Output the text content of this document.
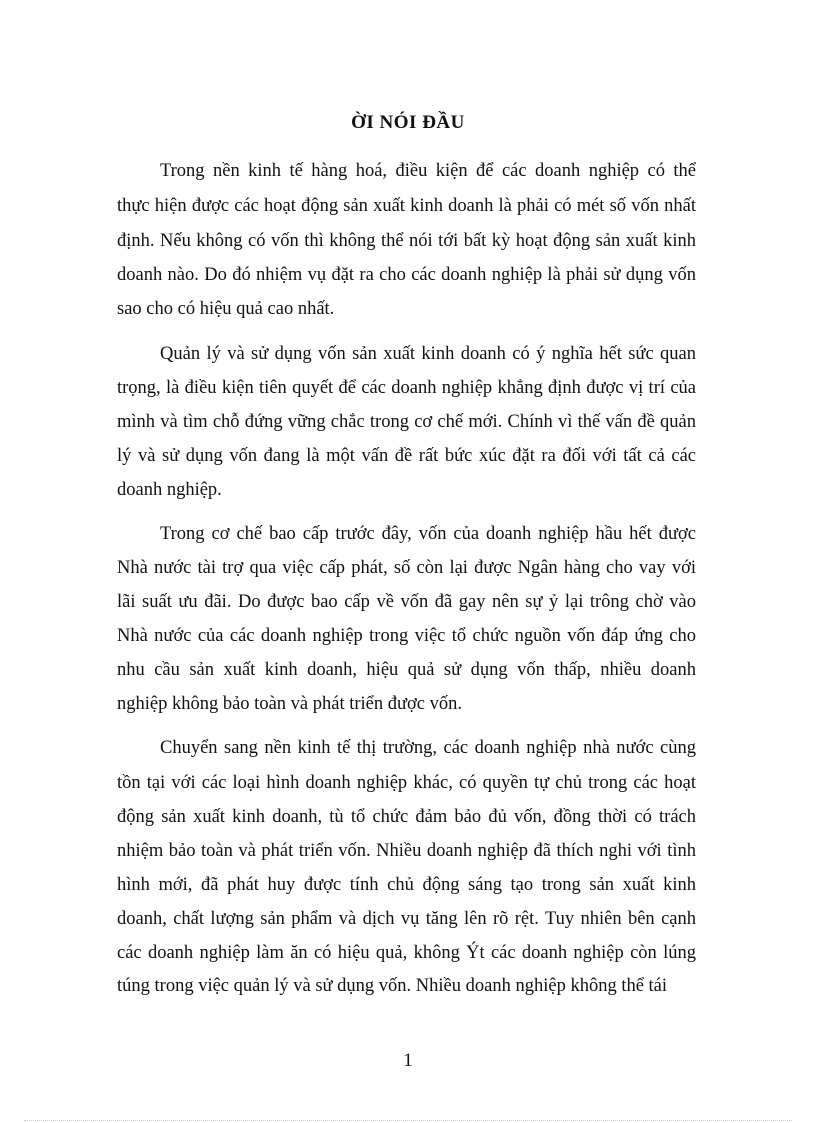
ỜI NÓI ĐẦU
Trong nền kinh tế hàng hoá, điều kiện để các doanh nghiệp có thể
thực hiện được các hoạt động sản xuất kinh doanh là phải có mét số vốn nhất
định. Nếu không có vốn thì không thể nói tới bất kỳ hoạt động sản xuất kinh
doanh nào. Do đó nhiệm vụ đặt ra cho các doanh nghiệp là phải sử dụng vốn
sao cho có hiệu quả cao nhất.
Quản lý và sử dụng vốn sản xuất kinh doanh có ý nghĩa hết sức quan
trọng, là điều kiện tiên quyết để các doanh nghiệp khẳng định được vị trí của
mình và tìm chỗ đứng vững chắc trong cơ chế mới. Chính vì thế vấn đề quản
lý và sử dụng vốn đang là một vấn đề rất bức xúc đặt ra đối với tất cả các
doanh nghiệp.
Trong cơ chế bao cấp trước đây, vốn của doanh nghiệp hầu hết được
Nhà nước tài trợ qua việc cấp phát, số còn lại được Ngân hàng cho vay với
lãi suất ưu đãi. Do được bao cấp về vốn đã gay nên sự ỷ lại trông chờ vào
Nhà nước của các doanh nghiệp trong việc tổ chức nguồn vốn đáp ứng cho
nhu cầu sản xuất kinh doanh, hiệu quả sử dụng vốn thấp, nhiều doanh
nghiệp không bảo toàn và phát triển được vốn.
Chuyển sang nền kinh tế thị trường, các doanh nghiệp nhà nước cùng
tồn tại với các loại hình doanh nghiệp khác, có quyền tự chủ trong các hoạt
động sản xuất kinh doanh, tù tổ chức đảm bảo đủ vốn, đồng thời có trách
nhiệm bảo toàn và phát triển vốn. Nhiều doanh nghiệp đã thích nghi với tình
hình mới, đã phát huy được tính chủ động sáng tạo trong sản xuất kinh
doanh, chất lượng sản phẩm và dịch vụ tăng lên rõ rệt. Tuy nhiên bên cạnh
các doanh nghiệp làm ăn có hiệu quả, không Ýt các doanh nghiệp còn lúng
túng trong việc quản lý và sử dụng vốn. Nhiều doanh nghiệp không thể tái
1
